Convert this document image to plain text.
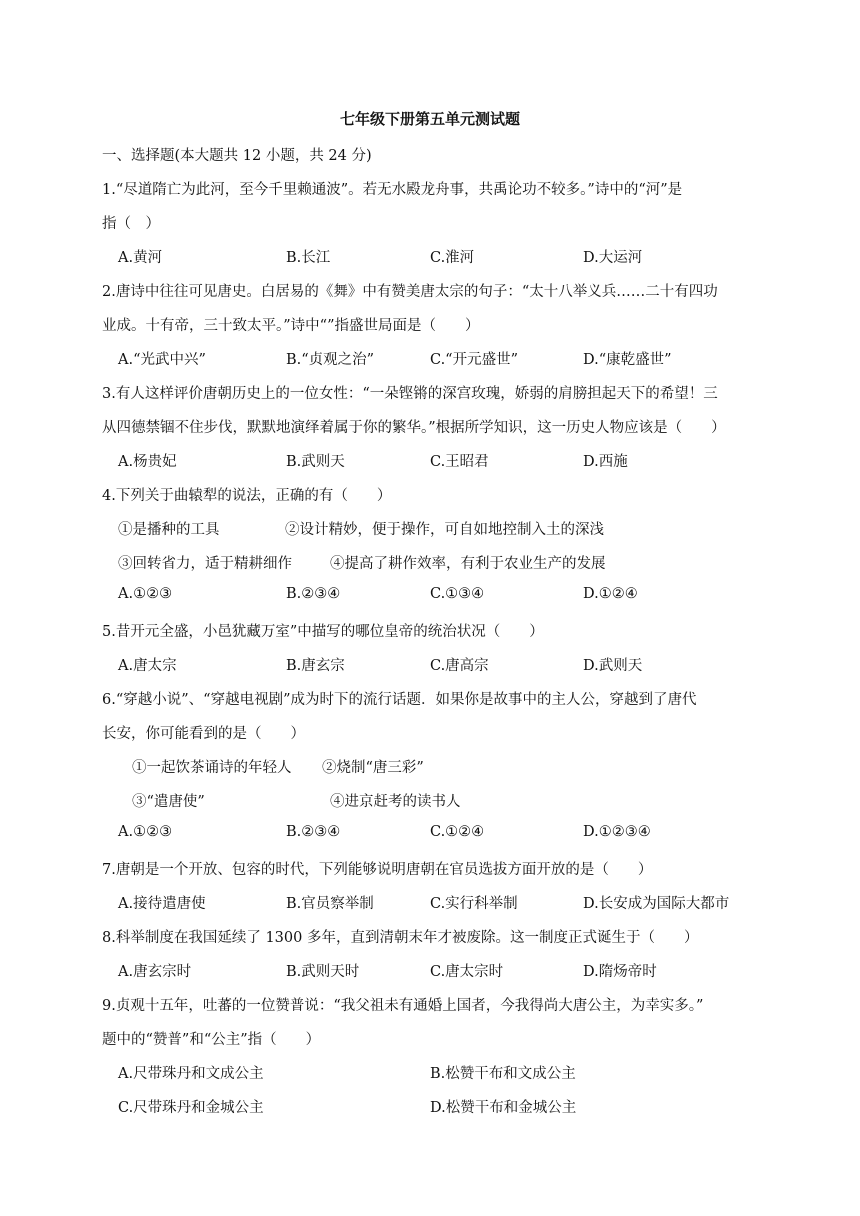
七年级下册第五单元测试题
一、选择题(本大题共 12 小题，共 24 分)
1.“尽道隋亡为此河，至今千里赖通波”。若无水殿龙舟事，共禹论功不较多。”诗中的“河”是
指（　）
A.黄河	B.长江	C.淮河	D.大运河
2.唐诗中往往可见唐史。白居易的《舞》中有赞美唐太宗的句子：“太十八举义兵……二十有四功
业成。十有帝，三十致太平。”诗中“”指盛世局面是（　　）
A.“光武中兴”	B.“贞观之治”	C.“开元盛世”	D.“康乾盛世”
3.有人这样评价唐朝历史上的一位女性：“一朵铿锵的深宫玫瑰，娇弱的肩膀担起天下的希望！三
从四德禁锢不住步伐，默默地演绎着属于你的繁华。”根据所学知识，这一历史人物应该是（　　）
A.杨贵妃	B.武则天	C.王昭君	D.西施
4.下列关于曲辕犁的说法，正确的有（　　）
①是播种的工具	②设计精妙，便于操作，可自如地控制入土的深浅
③回转省力，适于精耕细作	④提高了耕作效率，有利于农业生产的发展
A.①②③	B.②③④	C.①③④	D.①②④
5.昔开元全盛，小邑犹藏万室”中描写的哪位皇帝的统治状况（　　）
A.唐太宗	B.唐玄宗	C.唐高宗	D.武则天
6.“穿越小说”、“穿越电视剧”成为时下的流行话题．如果你是故事中的主人公，穿越到了唐代
长安，你可能看到的是（　　）
①一起饮茶诵诗的年轻人 ②烧制“唐三彩”
③“遣唐使”	④进京赶考的读书人
A.①②③	B.②③④	C.①②④	D.①②③④
7.唐朝是一个开放、包容的时代，下列能够说明唐朝在官员选拔方面开放的是（　　）
A.接待遣唐使	B.官员察举制	C.实行科举制	D.长安成为国际大都市
8.科举制度在我国延续了 1300 多年，直到清朝末年才被废除。这一制度正式诞生于（　　）
A.唐玄宗时	B.武则天时	C.唐太宗时	D.隋炀帝时
9.贞观十五年，吐蕃的一位赞普说：“我父祖未有通婚上国者，今我得尚大唐公主，为幸实多。”
题中的“赞普”和“公主”指（　　）
A.尺带珠丹和文成公主	B.松赞干布和文成公主
C.尺带珠丹和金城公主	D.松赞干布和金城公主
